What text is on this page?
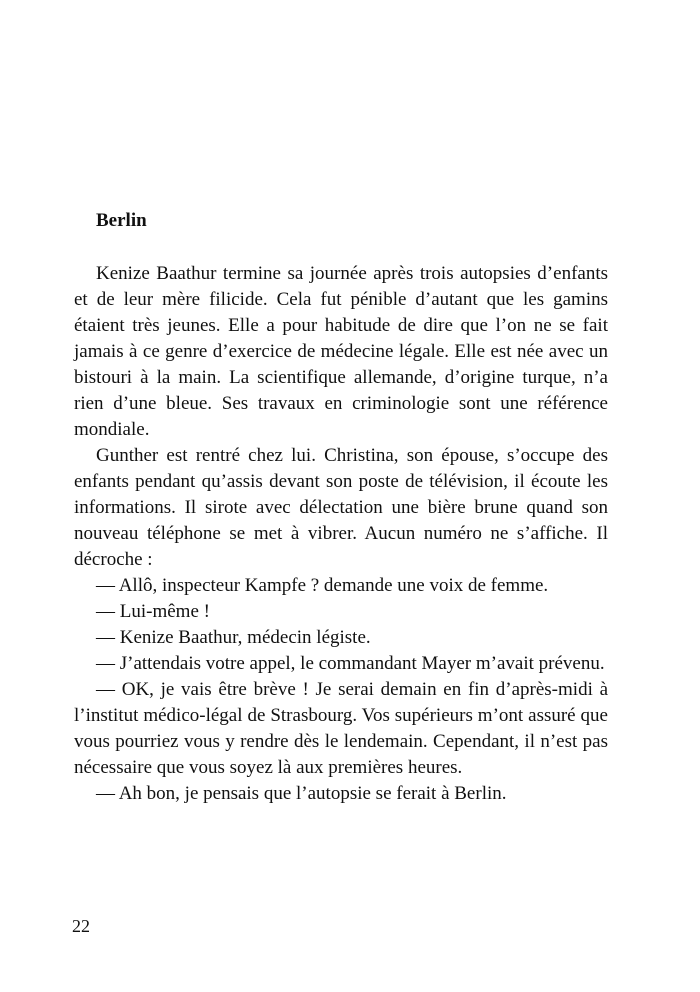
Berlin

Kenize Baathur termine sa journée après trois autopsies d’enfants et de leur mère filicide. Cela fut pénible d’autant que les gamins étaient très jeunes. Elle a pour habitude de dire que l’on ne se fait jamais à ce genre d’exercice de médecine légale. Elle est née avec un bistouri à la main. La scientifique allemande, d’origine turque, n’a rien d’une bleue. Ses travaux en criminologie sont une référence mondiale.

Gunther est rentré chez lui. Christina, son épouse, s’occupe des enfants pendant qu’assis devant son poste de télévision, il écoute les informations. Il sirote avec délectation une bière brune quand son nouveau téléphone se met à vibrer. Aucun numéro ne s’affiche. Il décroche :

— Allô, inspecteur Kampfe ? demande une voix de femme.

— Lui-même !

— Kenize Baathur, médecin légiste.

— J’attendais votre appel, le commandant Mayer m’avait prévenu.

— OK, je vais être brève ! Je serai demain en fin d’après-midi à l’institut médico-légal de Strasbourg. Vos supérieurs m’ont assuré que vous pourriez vous y rendre dès le lendemain. Cependant, il n’est pas nécessaire que vous soyez là aux premières heures.

— Ah bon, je pensais que l’autopsie se ferait à Berlin.

22
